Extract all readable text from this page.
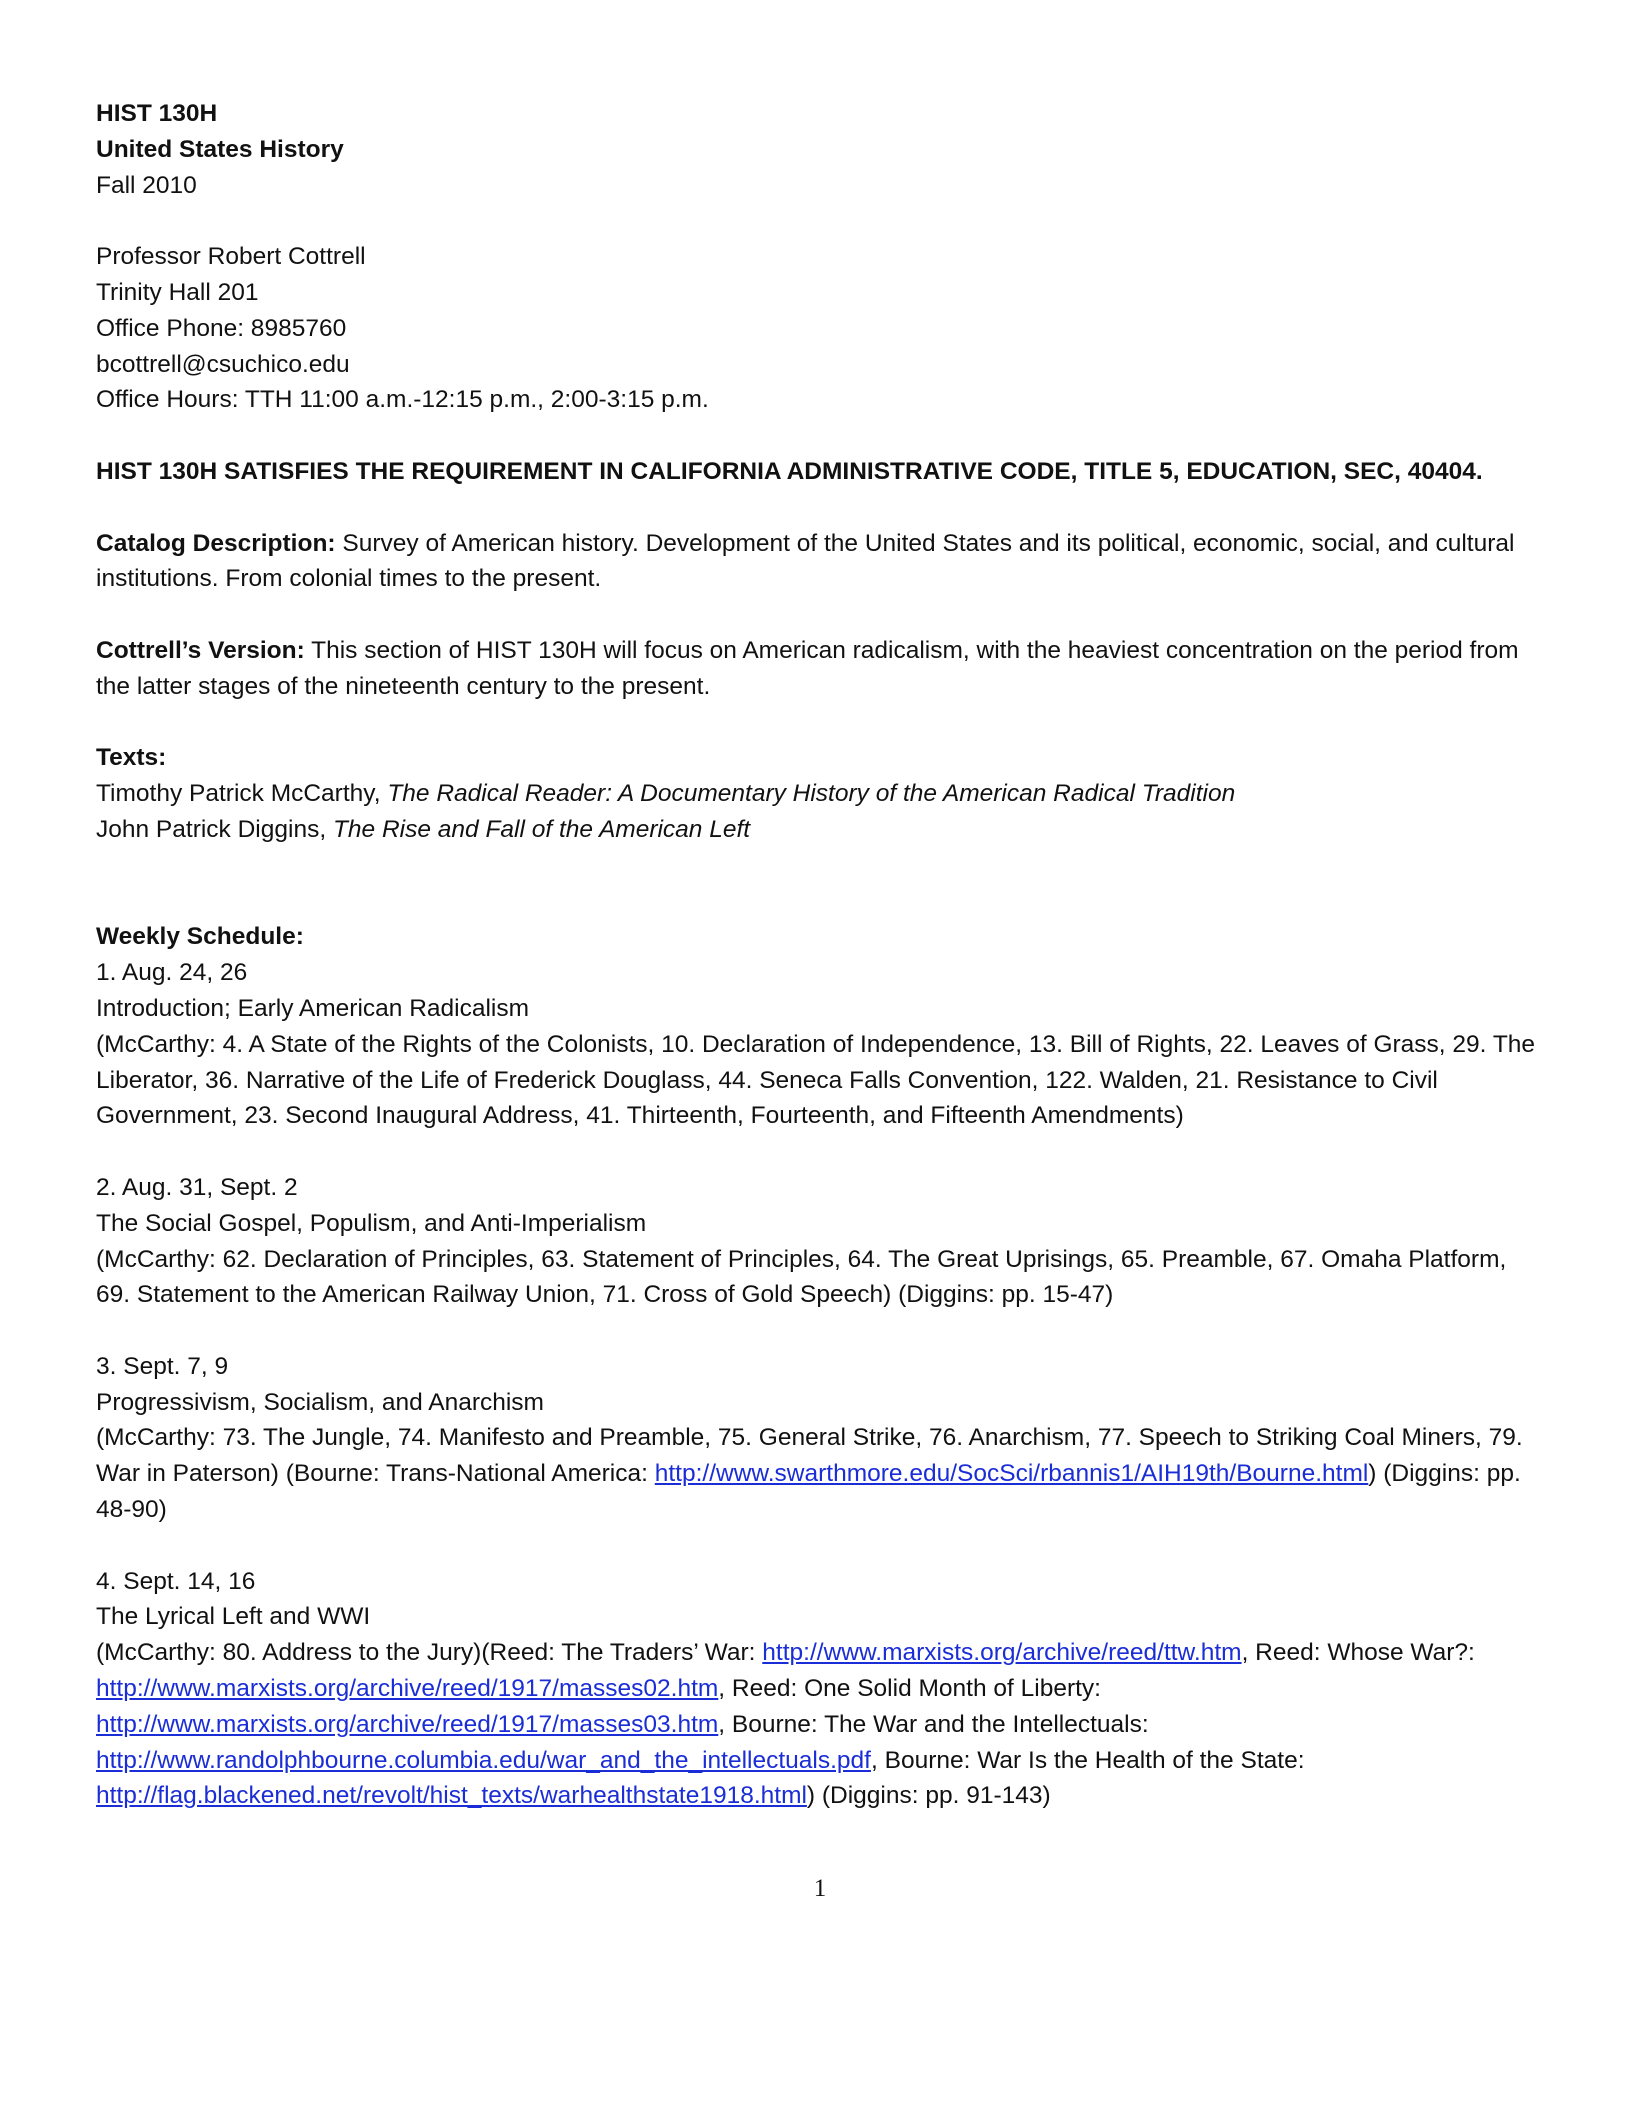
HIST 130H
United States History
Fall 2010
Professor Robert Cottrell
Trinity Hall 201
Office Phone: 8985760
bcottrell@csuchico.edu
Office Hours: TTH 11:00 a.m.-12:15 p.m., 2:00-3:15 p.m.
HIST 130H SATISFIES THE REQUIREMENT IN CALIFORNIA ADMINISTRATIVE CODE, TITLE 5, EDUCATION, SEC, 40404.
Catalog Description: Survey of American history. Development of the United States and its political, economic, social, and cultural institutions. From colonial times to the present.
Cottrell’s Version: This section of HIST 130H will focus on American radicalism, with the heaviest concentration on the period from the latter stages of the nineteenth century to the present.
Texts:
Timothy Patrick McCarthy, The Radical Reader: A Documentary History of the American Radical Tradition
John Patrick Diggins, The Rise and Fall of the American Left
Weekly Schedule:
1. Aug. 24, 26
Introduction; Early American Radicalism
(McCarthy: 4. A State of the Rights of the Colonists, 10. Declaration of Independence, 13. Bill of Rights, 22. Leaves of Grass, 29. The Liberator, 36. Narrative of the Life of Frederick Douglass, 44. Seneca Falls Convention, 122. Walden, 21. Resistance to Civil Government, 23. Second Inaugural Address, 41. Thirteenth, Fourteenth, and Fifteenth Amendments)
2. Aug. 31, Sept. 2
The Social Gospel, Populism, and Anti-Imperialism
(McCarthy: 62. Declaration of Principles, 63. Statement of Principles, 64. The Great Uprisings, 65. Preamble, 67. Omaha Platform, 69. Statement to the American Railway Union, 71. Cross of Gold Speech) (Diggins: pp. 15-47)
3. Sept. 7, 9
Progressivism, Socialism, and Anarchism
(McCarthy: 73. The Jungle, 74. Manifesto and Preamble, 75. General Strike, 76. Anarchism, 77. Speech to Striking Coal Miners, 79. War in Paterson) (Bourne: Trans-National America: http://www.swarthmore.edu/SocSci/rbannis1/AIH19th/Bourne.html) (Diggins: pp. 48-90)
4. Sept. 14, 16
The Lyrical Left and WWI
(McCarthy: 80. Address to the Jury)(Reed: The Traders’ War: http://www.marxists.org/archive/reed/ttw.htm, Reed: Whose War?: http://www.marxists.org/archive/reed/1917/masses02.htm, Reed: One Solid Month of Liberty: http://www.marxists.org/archive/reed/1917/masses03.htm, Bourne: The War and the Intellectuals: http://www.randolphbourne.columbia.edu/war_and_the_intellectuals.pdf, Bourne: War Is the Health of the State: http://flag.blackened.net/revolt/hist_texts/warhealthstate1918.html) (Diggins: pp. 91-143)
1
